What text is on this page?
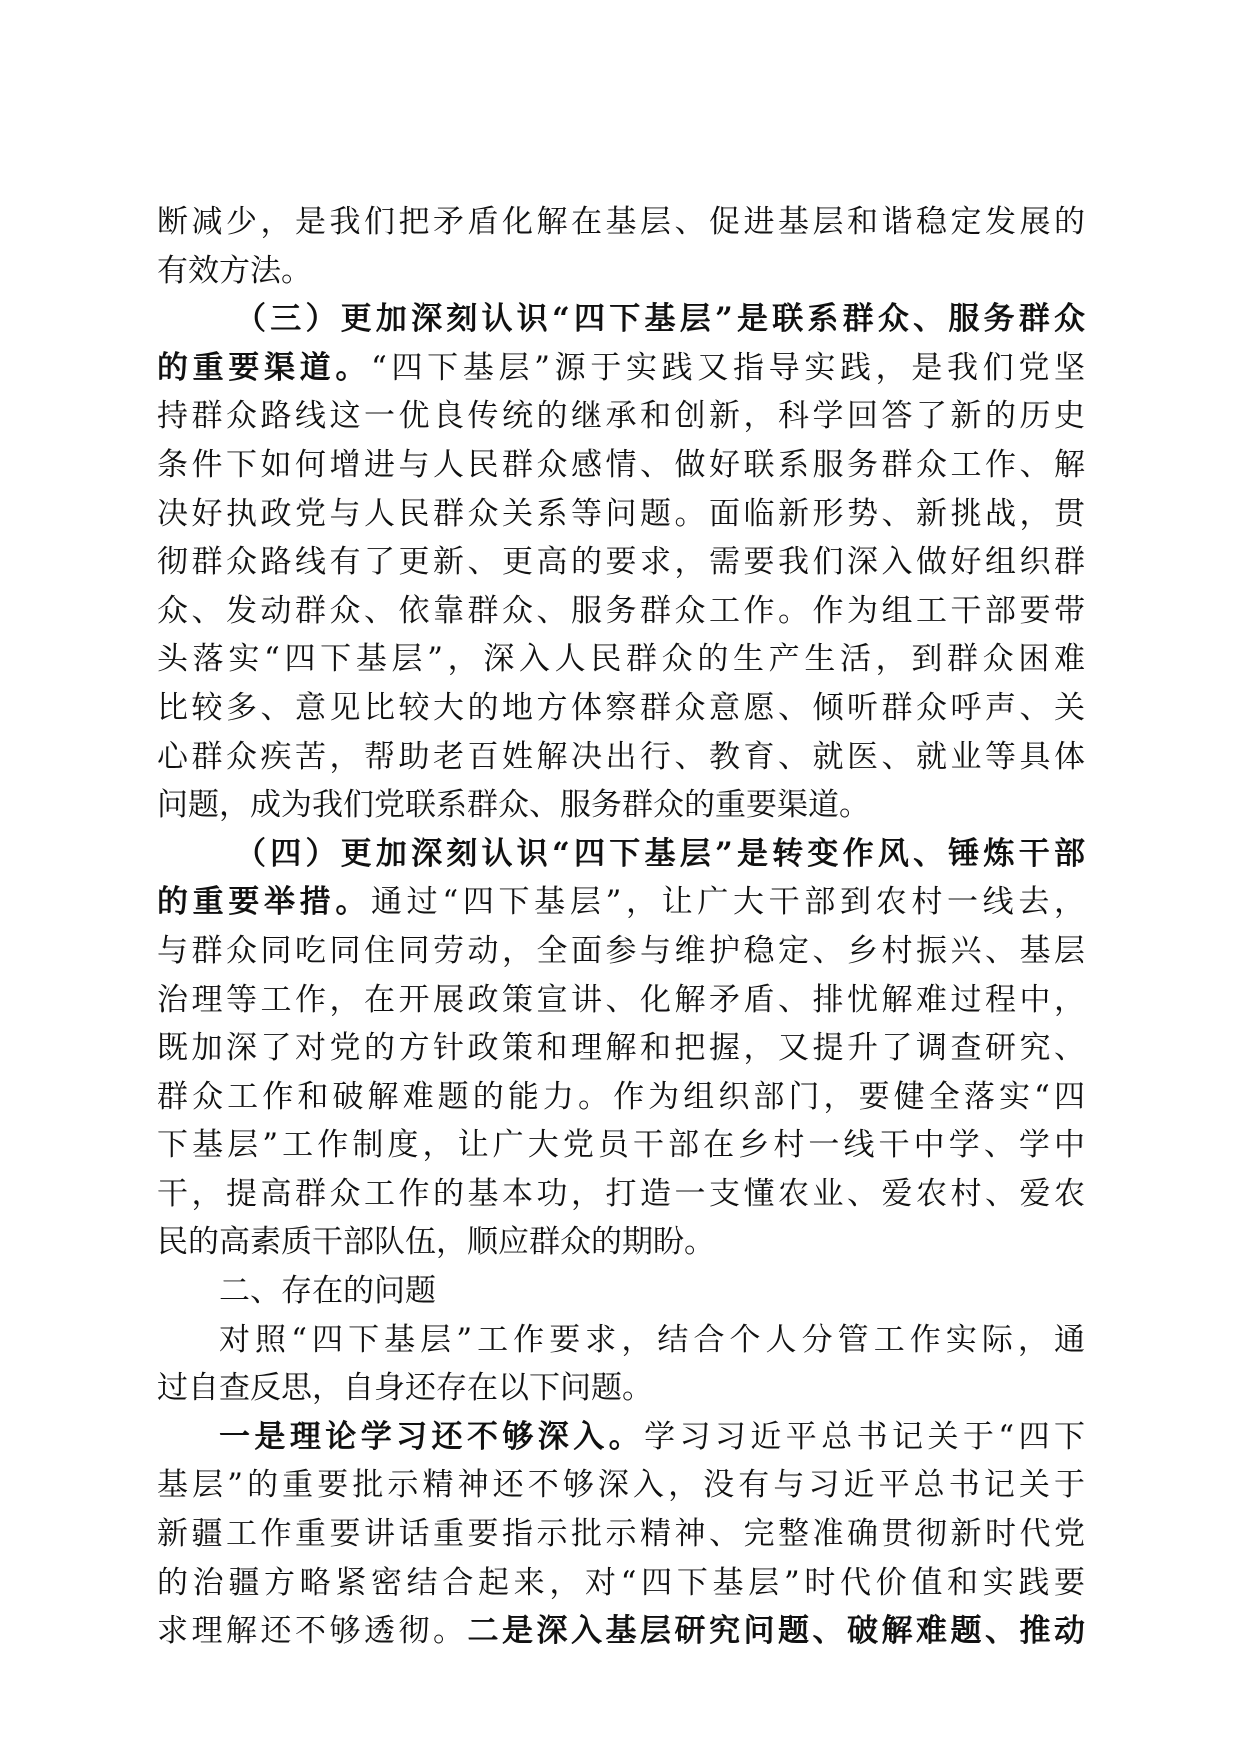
断减少，是我们把矛盾化解在基层、促进基层和谐稳定发展的
有效方法。
（三）更加深刻认识“四下基层”是联系群众、服务群众
的重要渠道。“四下基层”源于实践又指导实践，是我们党坚
持群众路线这一优良传统的继承和创新，科学回答了新的历史
条件下如何增进与人民群众感情、做好联系服务群众工作、解
决好执政党与人民群众关系等问题。面临新形势、新挑战，贯
彻群众路线有了更新、更高的要求，需要我们深入做好组织群
众、发动群众、依靠群众、服务群众工作。作为组工干部要带
头落实“四下基层”，深入人民群众的生产生活，到群众困难
比较多、意见比较大的地方体察群众意愿、倾听群众呼声、关
心群众疾苦，帮助老百姓解决出行、教育、就医、就业等具体
问题，成为我们党联系群众、服务群众的重要渠道。
（四）更加深刻认识“四下基层”是转变作风、锤炼干部
的重要举措。通过“四下基层”，让广大干部到农村一线去，
与群众同吃同住同劳动，全面参与维护稳定、乡村振兴、基层
治理等工作，在开展政策宣讲、化解矛盾、排忧解难过程中，
既加深了对党的方针政策和理解和把握，又提升了调查研究、
群众工作和破解难题的能力。作为组织部门，要健全落实“四
下基层”工作制度，让广大党员干部在乡村一线干中学、学中
干，提高群众工作的基本功，打造一支懂农业、爱农村、爱农
民的高素质干部队伍，顺应群众的期盼。
二、存在的问题
对照“四下基层”工作要求，结合个人分管工作实际，通
过自查反思，自身还存在以下问题。
一是理论学习还不够深入。学习习近平总书记关于“四下
基层”的重要批示精神还不够深入，没有与习近平总书记关于
新疆工作重要讲话重要指示批示精神、完整准确贯彻新时代党
的治疆方略紧密结合起来，对“四下基层”时代价值和实践要
求理解还不够透彻。二是深入基层研究问题、破解难题、推动
